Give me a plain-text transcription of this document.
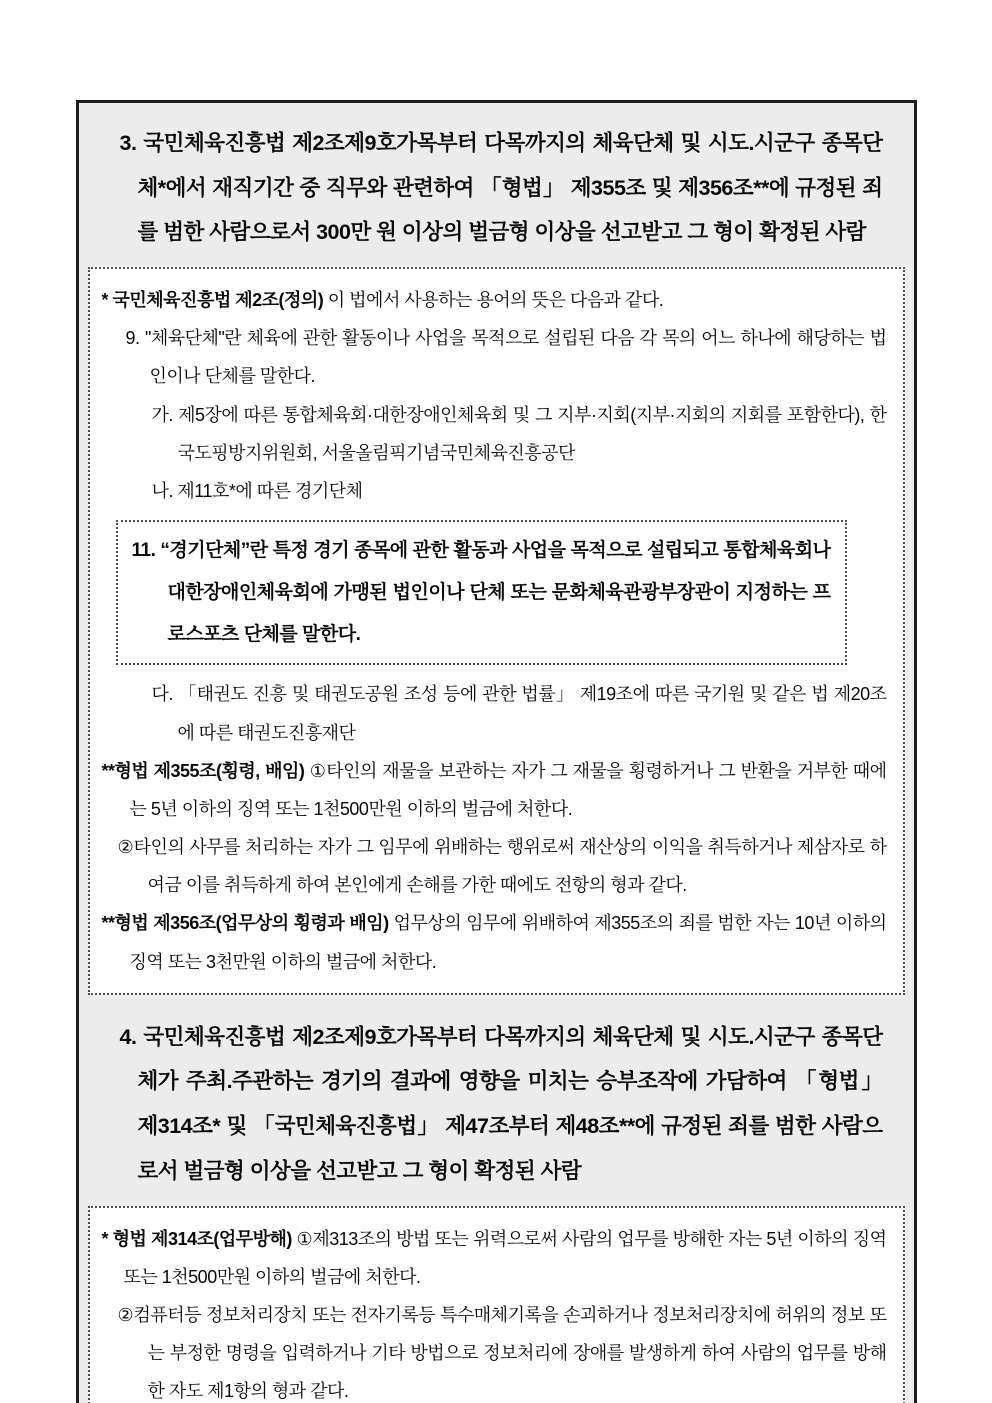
3. 국민체육진흥법 제2조제9호가목부터 다목까지의 체육단체 및 시도.시군구 종목단체*에서 재직기간 중 직무와 관련하여 「형법」 제355조 및 제356조**에 규정된 죄를 범한 사람으로서 300만 원 이상의 벌금형 이상을 선고받고 그 형이 확정된 사람

* 국민체육진흥법 제2조(정의) 이 법에서 사용하는 용어의 뜻은 다음과 같다.

9. "체육단체"란 체육에 관한 활동이나 사업을 목적으로 설립된 다음 각 목의 어느 하나에 해당하는 법인이나 단체를 말한다.

가. 제5장에 따른 통합체육회·대한장애인체육회 및 그 지부·지회(지부·지회의 지회를 포함한다), 한국도핑방지위원회, 서울올림픽기념국민체육진흥공단

나. 제11호*에 따른 경기단체

11. “경기단체”란 특정 경기 종목에 관한 활동과 사업을 목적으로 설립되고 통합체육회나 대한장애인체육회에 가맹된 법인이나 단체 또는 문화체육관광부장관이 지정하는 프로스포츠 단체를 말한다.

다. 「태권도 진흥 및 태권도공원 조성 등에 관한 법률」 제19조에 따른 국기원 및 같은 법 제20조에 따른 태권도진흥재단

**형법 제355조(횡령, 배임) ①타인의 재물을 보관하는 자가 그 재물을 횡령하거나 그 반환을 거부한 때에는 5년 이하의 징역 또는 1천500만원 이하의 벌금에 처한다.

②타인의 사무를 처리하는 자가 그 임무에 위배하는 행위로써 재산상의 이익을 취득하거나 제삼자로 하여금 이를 취득하게 하여 본인에게 손해를 가한 때에도 전항의 형과 같다.

**형법 제356조(업무상의 횡령과 배임) 업무상의 임무에 위배하여 제355조의 죄를 범한 자는 10년 이하의 징역 또는 3천만원 이하의 벌금에 처한다.

4. 국민체육진흥법 제2조제9호가목부터 다목까지의 체육단체 및 시도.시군구 종목단체가 주최.주관하는 경기의 결과에 영향을 미치는 승부조작에 가담하여 「형법」 제314조* 및 「국민체육진흥법」 제47조부터 제48조**에 규정된 죄를 범한 사람으로서 벌금형 이상을 선고받고 그 형이 확정된 사람

* 형법 제314조(업무방해) ①제313조의 방법 또는 위력으로써 사람의 업무를 방해한 자는 5년 이하의 징역 또는 1천500만원 이하의 벌금에 처한다.

②컴퓨터등 정보처리장치 또는 전자기록등 특수매체기록을 손괴하거나 정보처리장치에 허위의 정보 또는 부정한 명령을 입력하거나 기타 방법으로 정보처리에 장애를 발생하게 하여 사람의 업무를 방해한 자도 제1항의 형과 같다.
